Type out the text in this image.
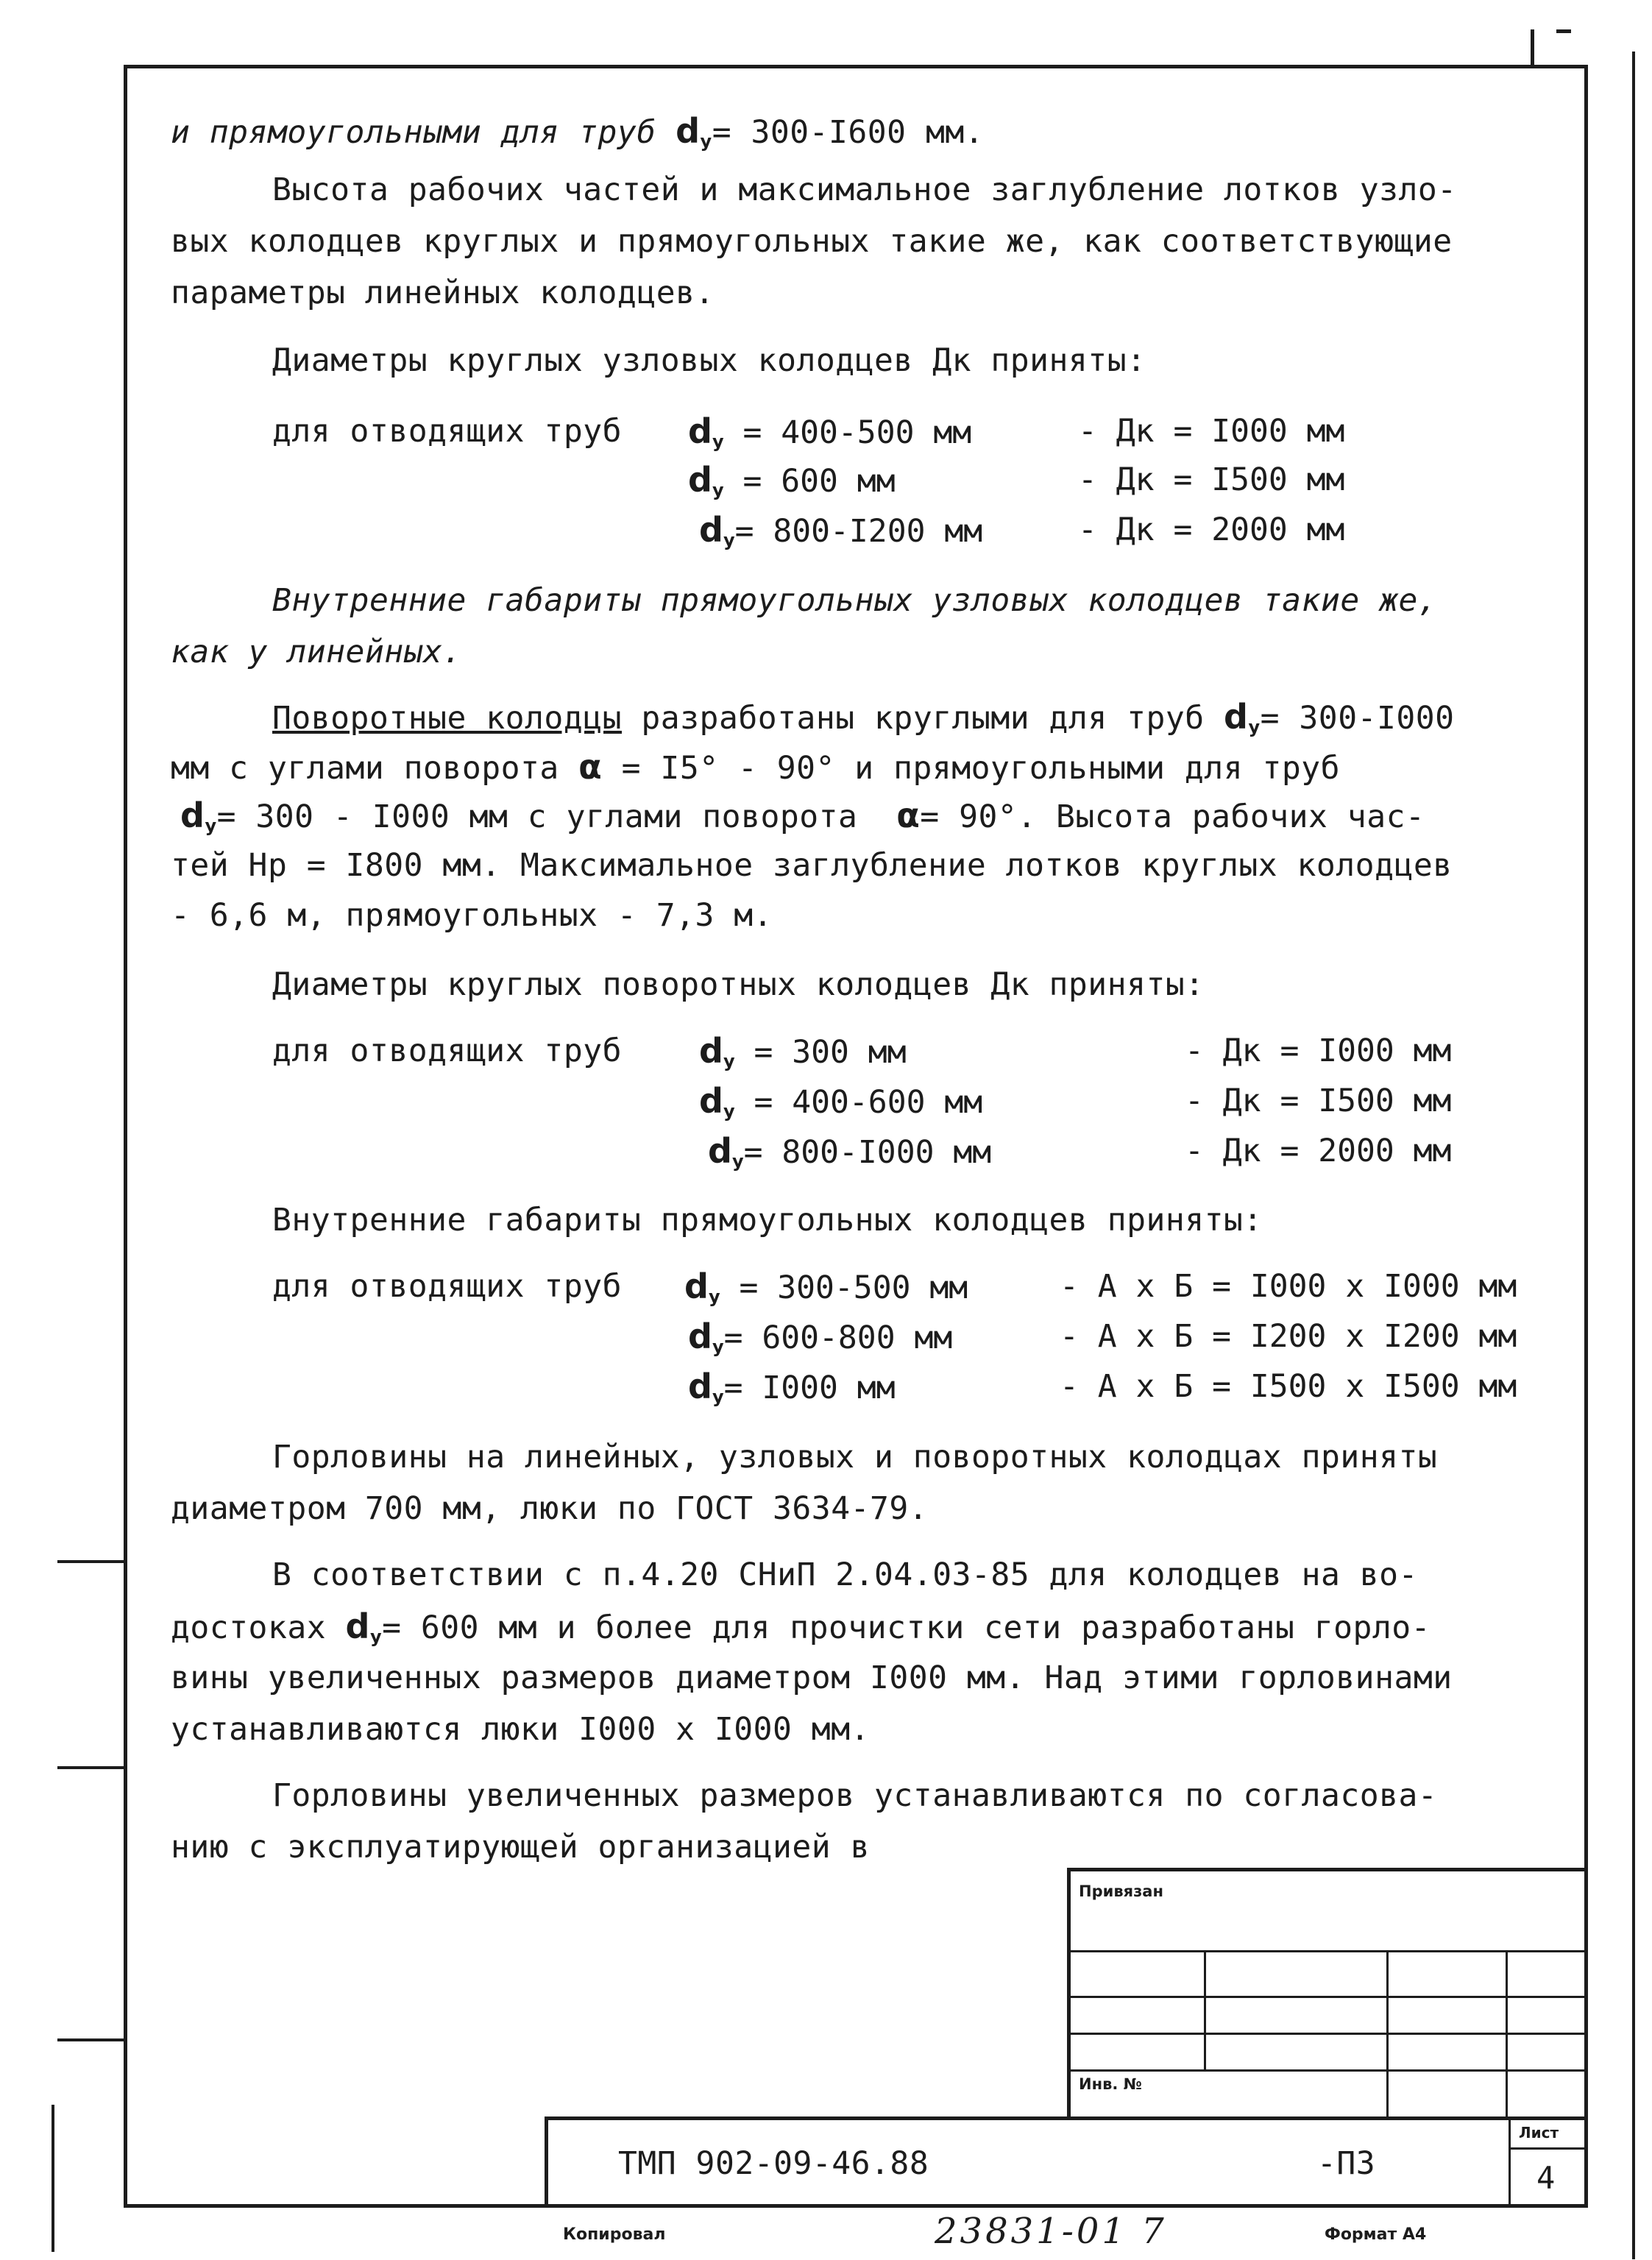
и прямоугольными для труб $d_у= 300-I600$ мм.
Высота рабочих частей и максимальное заглубление лотков узло-
вых колодцев круглых и прямоугольных такие же, как соответствующие
параметры линейных колодцев.
Диаметры круглых узловых колодцев Дк приняты:
для отводящих труб $d_у = 400-500$ мм	- Дк = I000 мм
$d_у = 600$ мм	- Дк = I500 мм
$d_у= 800-I200$ мм	- Дк = 2000 мм
Внутренние габариты прямоугольных узловых колодцев такие же,
как у линейных.
Поворотные колодцы разработаны круглыми для труб $d_у= 300-I000$
мм с углами поворота α = I5° - 90° и прямоугольными для труб
$d_у= 300 - I000$ мм с углами поворота  α= 90°. Высота рабочих час-
тей Hp = I800 мм. Максимальное заглубление лотков круглых колодцев
- 6,6 м, прямоугольных - 7,3 м.
Диаметры круглых поворотных колодцев Дк приняты:
для отводящих труб $d_у = 300$ мм	- Дк = I000 мм
$d_у = 400-600$ мм	- Дк = I500 мм
$d_у= 800-I000$ мм	- Дк = 2000 мм
Внутренние габариты прямоугольных колодцев приняты:
для отводящих труб $d_у = 300-500$ мм	- А х Б = I000 х I000 мм
$d_у= 600-800$ мм	- А х Б = I200 х I200 мм
$d_у= I000$ мм	- А х Б = I500 х I500 мм
Горловины на линейных, узловых и поворотных колодцах приняты
диаметром 700 мм, люки по ГОСТ 3634-79.
В соответствии с п.4.20 СНиП 2.04.03-85 для колодцев на во-
достоках $d_у= 600$ мм и более для прочистки сети разработаны горло-
вины увеличенных размеров диаметром I000 мм. Над этими горловинами
устанавливаются люки I000 х I000 мм.
Горловины увеличенных размеров устанавливаются по согласова-
нию с эксплуатирующей организацией в
Привязан
Инв. №
ТМП 902-09-46.88	-П3
Лист
4
Копировал	23831-01 7	Формат А4
